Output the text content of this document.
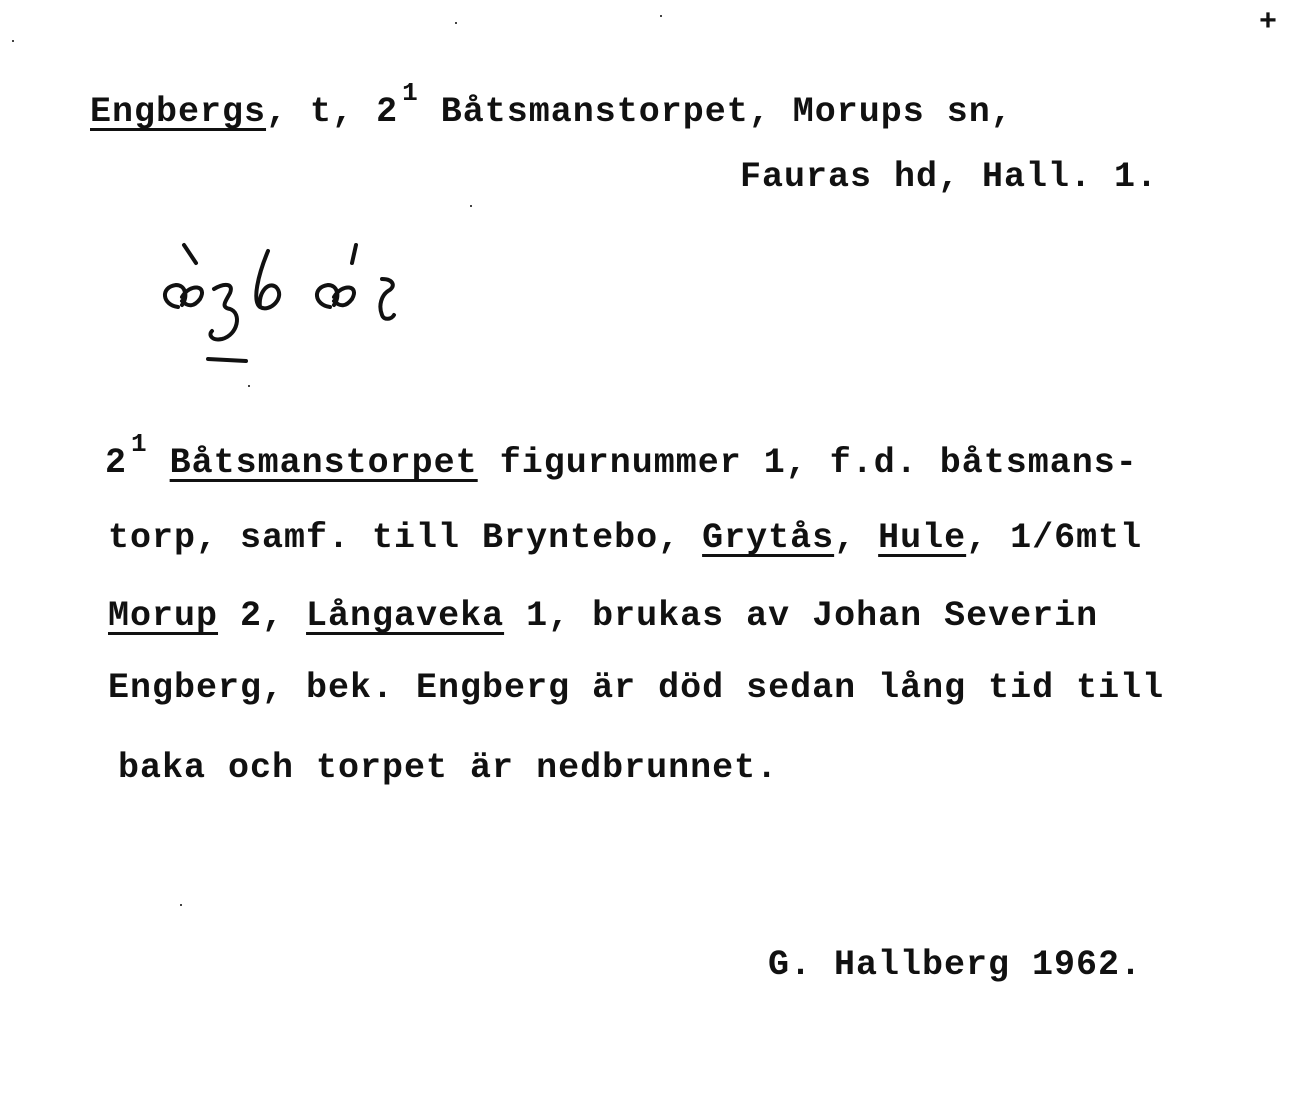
+
Engbergs, t, 2 $^1$ Båtsmanstorpet, Morups sn,
Fauras hd, Hall. 1.
æŋbæɭ
2 $^1$ Båtsmanstorpet figurnummer 1, f.d. båtsmans-
torp, samf. till Bryntebo, Grytås, Hule, 1/6mtl
Morup 2, Långaveka 1, brukas av Johan Severin
Engberg, bek. Engberg är död sedan lång tid till
baka och torpet är nedbrunnet.
G. Hallberg 1962.
